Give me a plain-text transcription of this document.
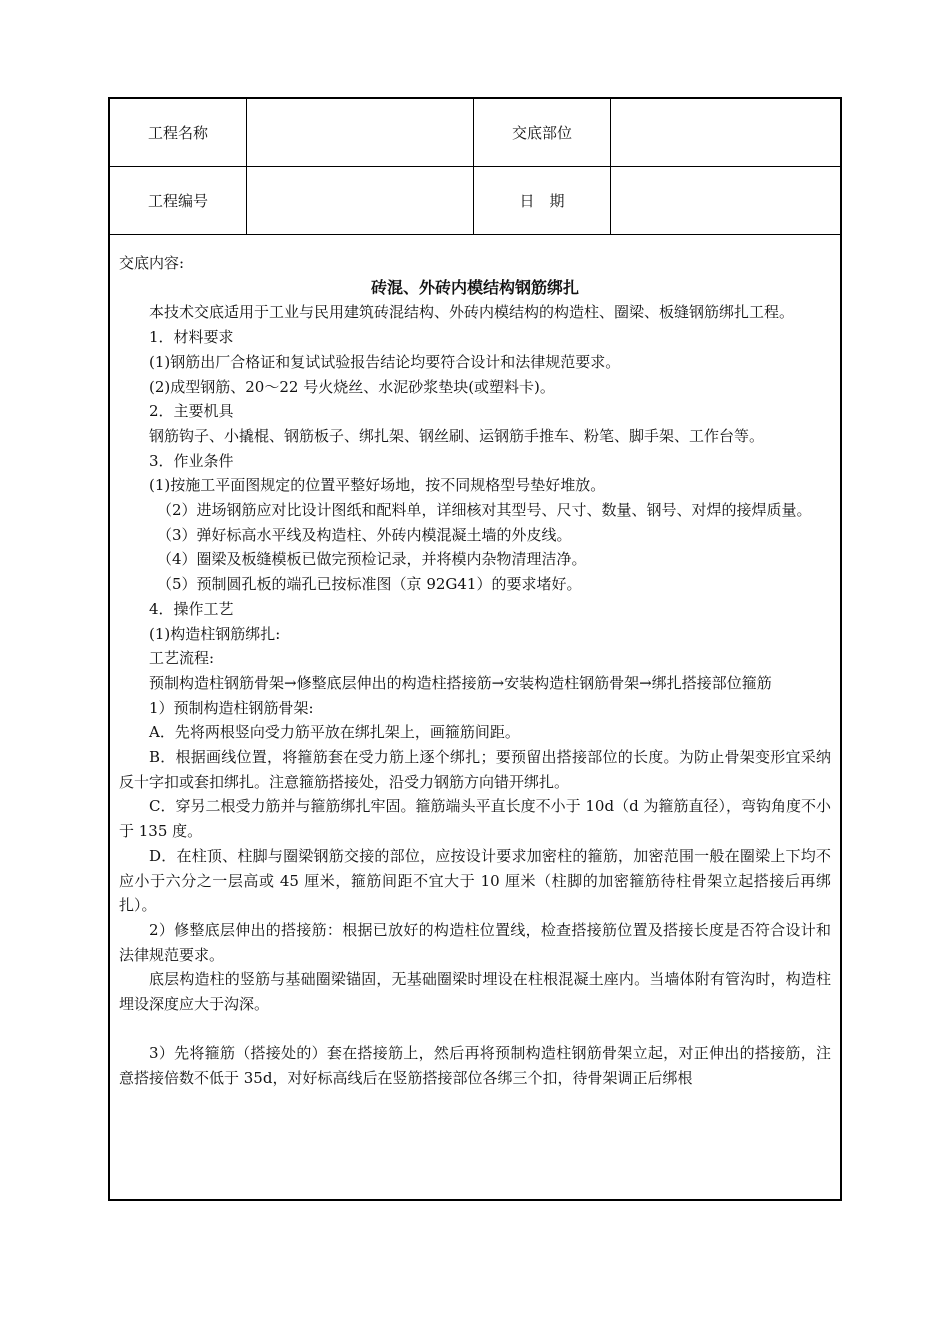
工程名称		交底部位	
工程编号		日　期	

交底内容:

砖混、外砖内模结构钢筋绑扎

本技术交底适用于工业与民用建筑砖混结构、外砖内模结构的构造柱、圈梁、板缝钢筋绑扎工程。

1．材料要求

(1)钢筋出厂合格证和复试试验报告结论均要符合设计和法律规范要求。

(2)成型钢筋、20～22 号火烧丝、水泥砂浆垫块(或塑料卡)。

2．主要机具

钢筋钩子、小撬棍、钢筋板子、绑扎架、钢丝刷、运钢筋手推车、粉笔、脚手架、工作台等。

3．作业条件

(1)按施工平面图规定的位置平整好场地，按不同规格型号垫好堆放。

（2）进场钢筋应对比设计图纸和配料单，详细核对其型号、尺寸、数量、钢号、对焊的接焊质量。

（3）弹好标高水平线及构造柱、外砖内模混凝土墙的外皮线。

（4）圈梁及板缝模板已做完预检记录，并将模内杂物清理洁净。

（5）预制圆孔板的端孔已按标准图（京 92G41）的要求堵好。

4．操作工艺

(1)构造柱钢筋绑扎:

工艺流程:

预制构造柱钢筋骨架→修整底层伸出的构造柱搭接筋→安装构造柱钢筋骨架→绑扎搭接部位箍筋

1）预制构造柱钢筋骨架:

A．先将两根竖向受力筋平放在绑扎架上，画箍筋间距。

B．根据画线位置，将箍筋套在受力筋上逐个绑扎；要预留出搭接部位的长度。为防止骨架变形宜采纳反十字扣或套扣绑扎。注意箍筋搭接处，沿受力钢筋方向错开绑扎。

C．穿另二根受力筋并与箍筋绑扎牢固。箍筋端头平直长度不小于 10d（d 为箍筋直径），弯钩角度不小于 135 度。

D．在柱顶、柱脚与圈梁钢筋交接的部位，应按设计要求加密柱的箍筋，加密范围一般在圈梁上下均不应小于六分之一层高或 45 厘米，箍筋间距不宜大于 10 厘米（柱脚的加密箍筋待柱骨架立起搭接后再绑扎）。

2）修整底层伸出的搭接筋：根据已放好的构造柱位置线，检查搭接筋位置及搭接长度是否符合设计和法律规范要求。

底层构造柱的竖筋与基础圈梁锚固，无基础圈梁时埋设在柱根混凝土座内。当墙体附有管沟时，构造柱埋设深度应大于沟深。

3）先将箍筋（搭接处的）套在搭接筋上，然后再将预制构造柱钢筋骨架立起，对正伸出的搭接筋，注意搭接倍数不低于 35d，对好标高线后在竖筋搭接部位各绑三个扣，待骨架调正后绑根
